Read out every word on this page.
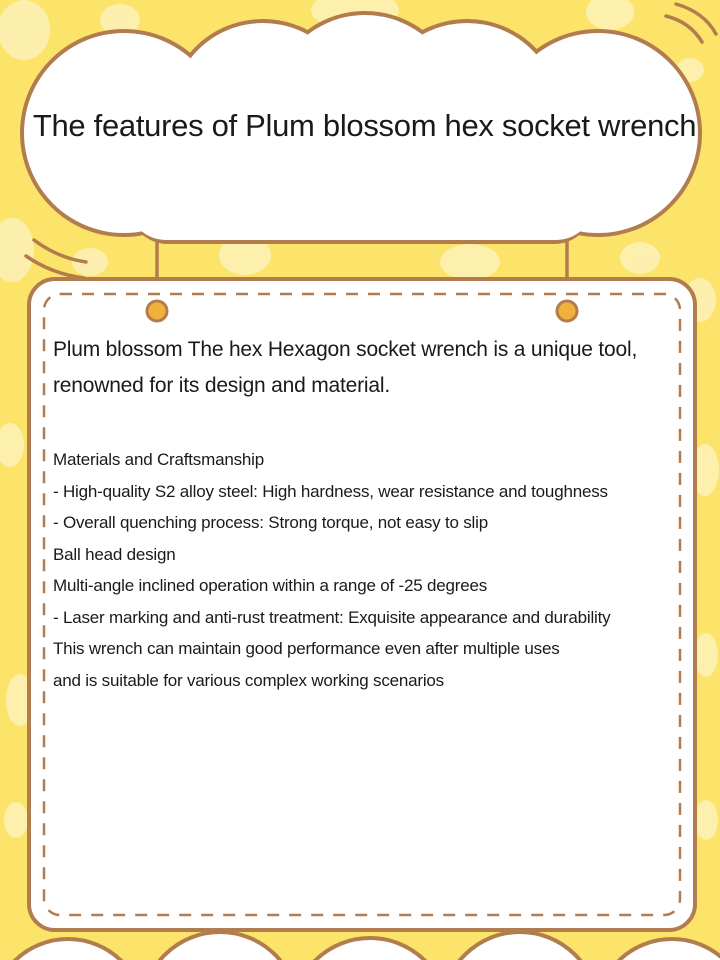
The features of Plum blossom hex socket wrench

Plum blossom The hex Hexagon socket wrench is a unique tool,
renowned for its design and material.

Materials and Craftsmanship
- High-quality S2 alloy steel: High hardness, wear resistance and toughness
- Overall quenching process: Strong torque, not easy to slip
Ball head design
Multi-angle inclined operation within a range of -25 degrees
- Laser marking and anti-rust treatment: Exquisite appearance and durability
This wrench can maintain good performance even after multiple uses
and is suitable for various complex working scenarios
